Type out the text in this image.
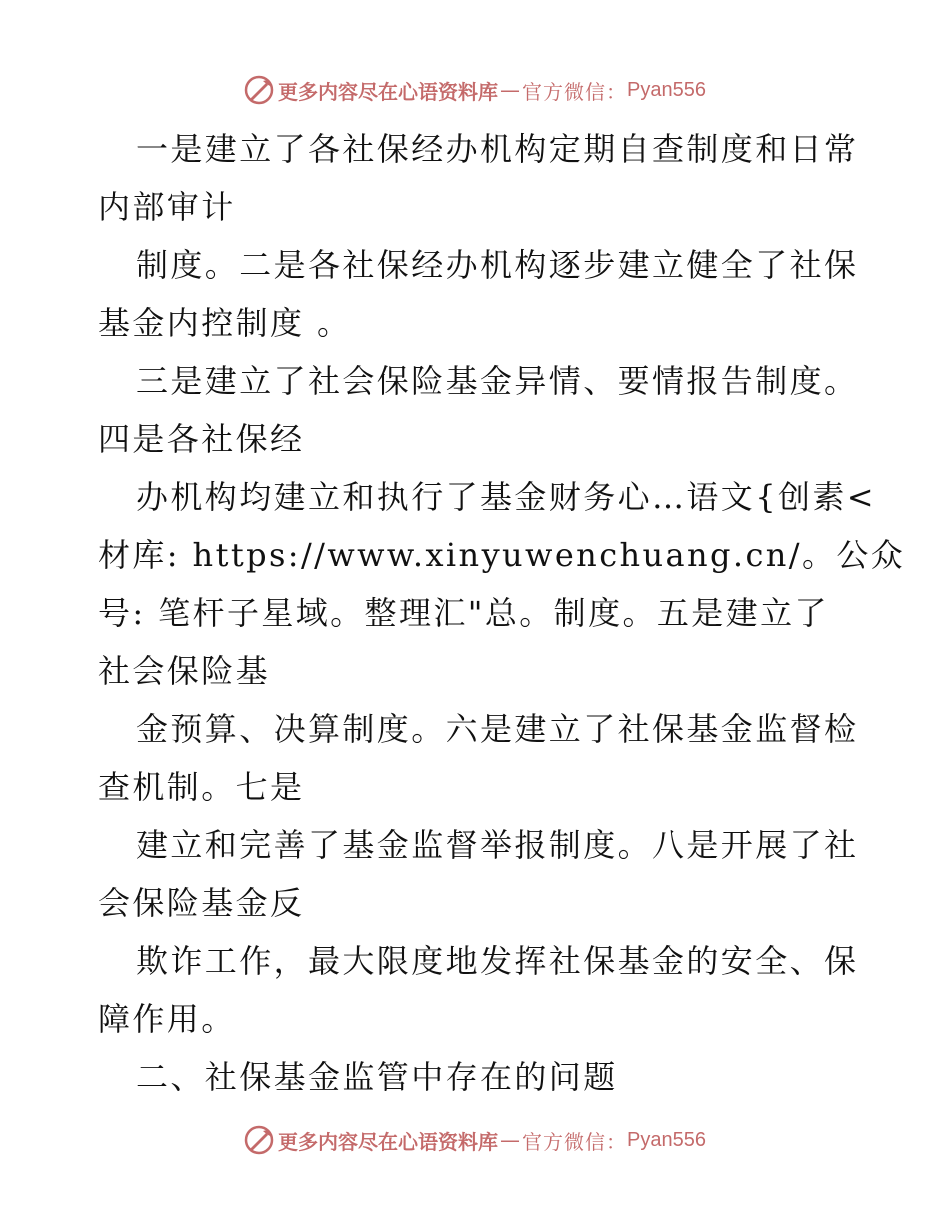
更多内容尽在心语资料库 — 官方微信： Pyan556
一是建立了各社保经办机构定期自查制度和日常
内部审计
制度。二是各社保经办机构逐步建立健全了社保
基金内控制度 。
三是建立了社会保险基金异情、要情报告制度。
四是各社保经
办机构均建立和执行了基金财务心…语文{创素<
材库: https://www.xinyuwenchuang.cn/。公众
号: 笔杆子星域。整理汇"总。制度。五是建立了
社会保险基
金预算、决算制度。六是建立了社保基金监督检
查机制。七是
建立和完善了基金监督举报制度。八是开展了社
会保险基金反
欺诈工作，最大限度地发挥社保基金的安全、保
障作用。
二、社保基金监管中存在的问题
更多内容尽在心语资料库 — 官方微信： Pyan556
